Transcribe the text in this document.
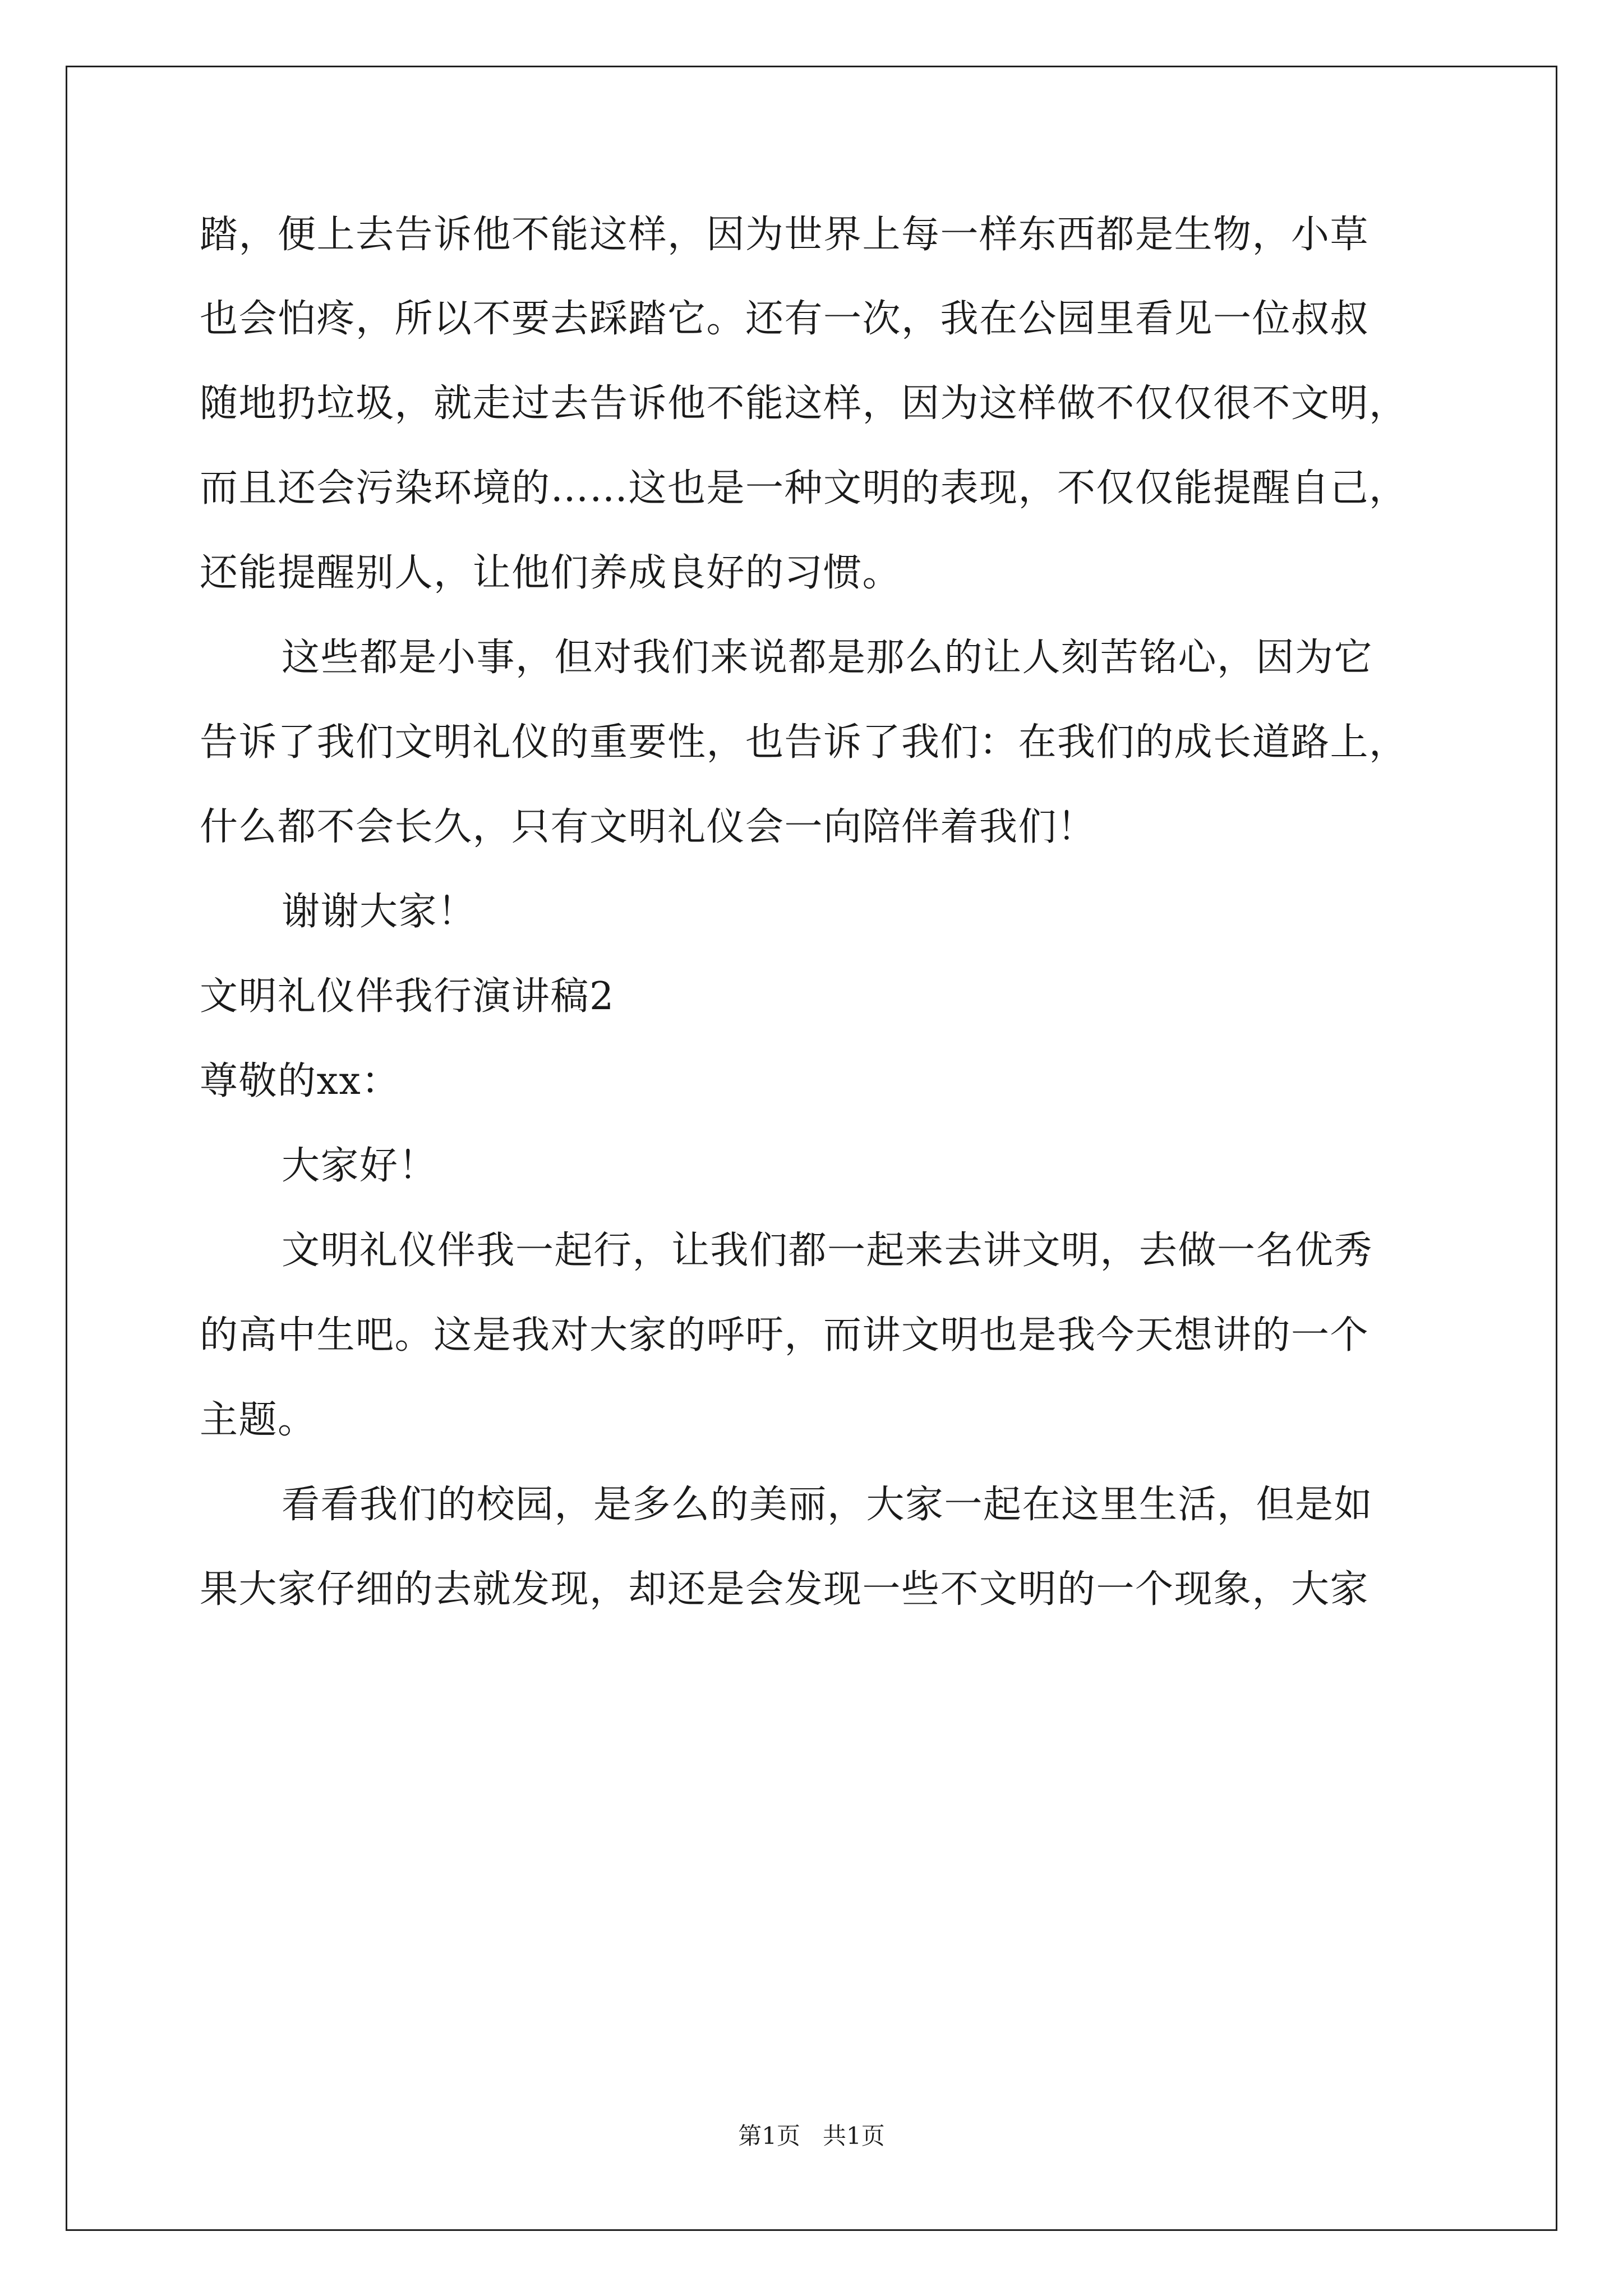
踏，便上去告诉他不能这样，因为世界上每一样东西都是生物，小草
也会怕疼，所以不要去踩踏它。还有一次，我在公园里看见一位叔叔
随地扔垃圾，就走过去告诉他不能这样，因为这样做不仅仅很不文明，
而且还会污染环境的……这也是一种文明的表现，不仅仅能提醒自己，
还能提醒别人，让他们养成良好的习惯。
这些都是小事，但对我们来说都是那么的让人刻苦铭心，因为它
告诉了我们文明礼仪的重要性，也告诉了我们：在我们的成长道路上，
什么都不会长久，只有文明礼仪会一向陪伴着我们！
谢谢大家！
文明礼仪伴我行演讲稿2
尊敬的xx：
大家好！
文明礼仪伴我一起行，让我们都一起来去讲文明，去做一名优秀
的高中生吧。这是我对大家的呼吁，而讲文明也是我今天想讲的一个
主题。
看看我们的校园，是多么的美丽，大家一起在这里生活，但是如
果大家仔细的去就发现，却还是会发现一些不文明的一个现象，大家
第1页   共1页
